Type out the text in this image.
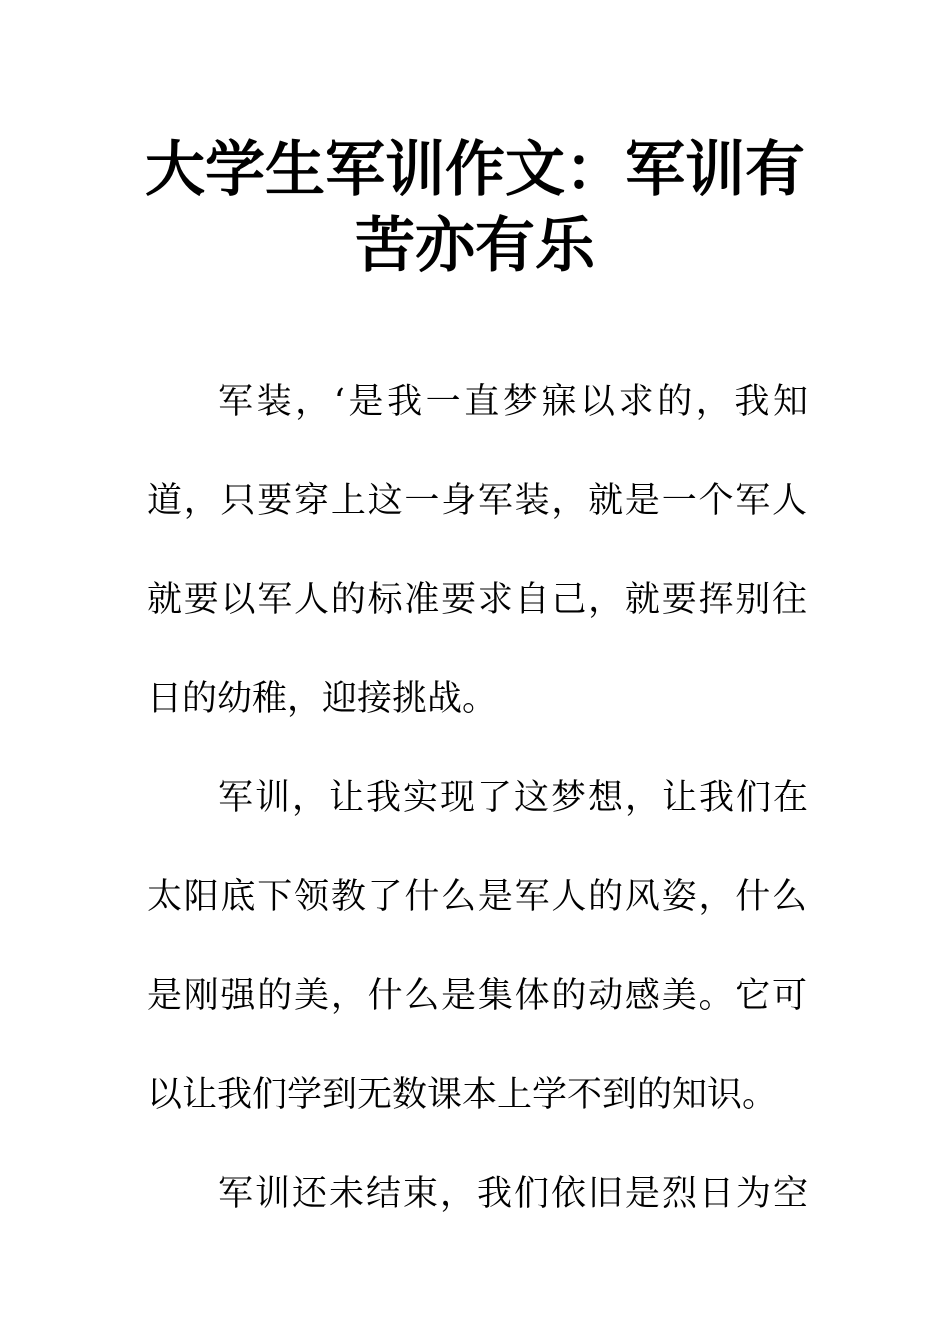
大学生军训作文：军训有
苦亦有乐
军装，‘是我一直梦寐以求的，我知
道，只要穿上这一身军装，就是一个军人
就要以军人的标准要求自己，就要挥别往
日的幼稚，迎接挑战。
军训，让我实现了这梦想，让我们在
太阳底下领教了什么是军人的风姿，什么
是刚强的美，什么是集体的动感美。它可
以让我们学到无数课本上学不到的知识。
军训还未结束，我们依旧是烈日为空
